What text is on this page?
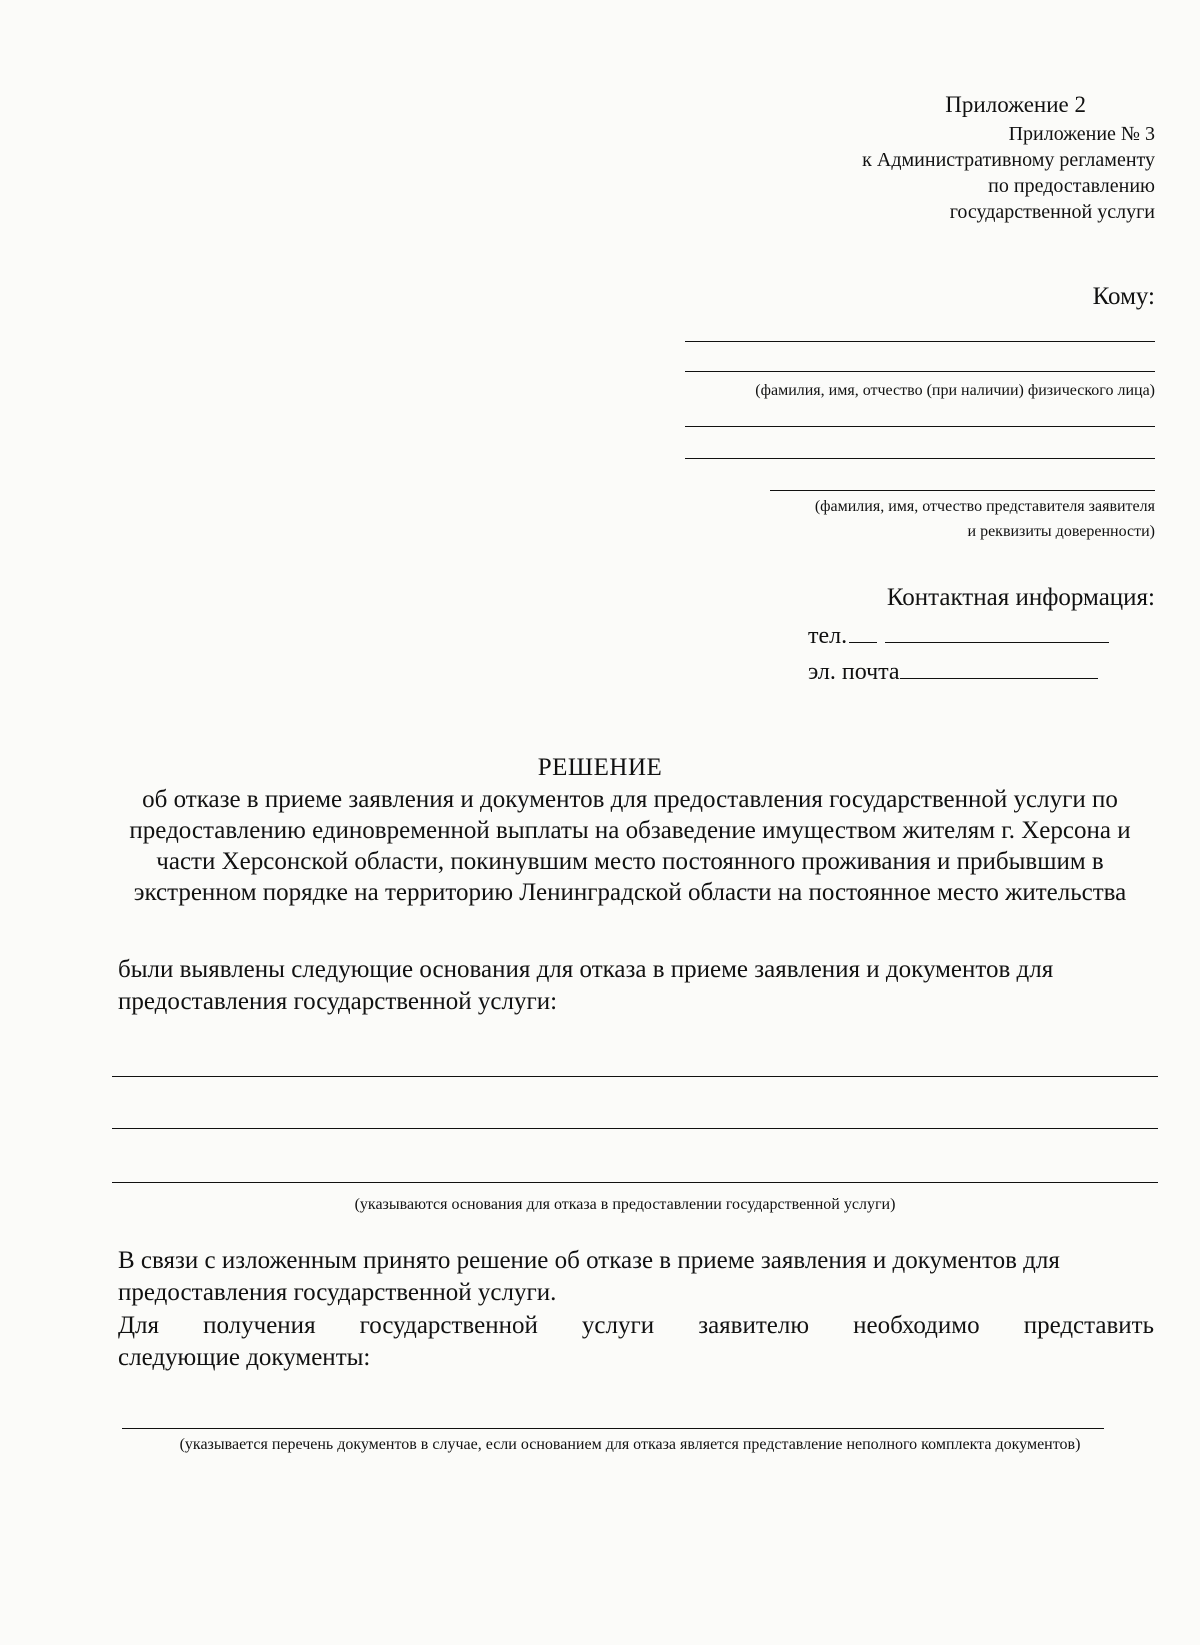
Приложение 2
Приложение № 3
к Административному регламенту
по предоставлению
государственной услуги
Кому:
(фамилия, имя, отчество (при наличии) физического лица)
(фамилия, имя, отчество представителя заявителя
и реквизиты доверенности)
Контактная информация:
тел.
эл. почта
РЕШЕНИЕ
об отказе в приеме заявления и документов для предоставления государственной услуги по предоставлению единовременной выплаты на обзаведение имуществом жителям г. Херсона и части Херсонской области, покинувшим место постоянного проживания и прибывшим в экстренном порядке на территорию Ленинградской области на постоянное место жительства
были выявлены следующие основания для отказа в приеме заявления и документов для предоставления государственной услуги:
(указываются основания для отказа в предоставлении государственной услуги)
В связи с изложенным принято решение об отказе в приеме заявления и документов для предоставления государственной услуги.
Для получения государственной услуги заявителю необходимо представить
следующие документы:
(указывается перечень документов в случае, если основанием для отказа является представление неполного комплекта документов)
